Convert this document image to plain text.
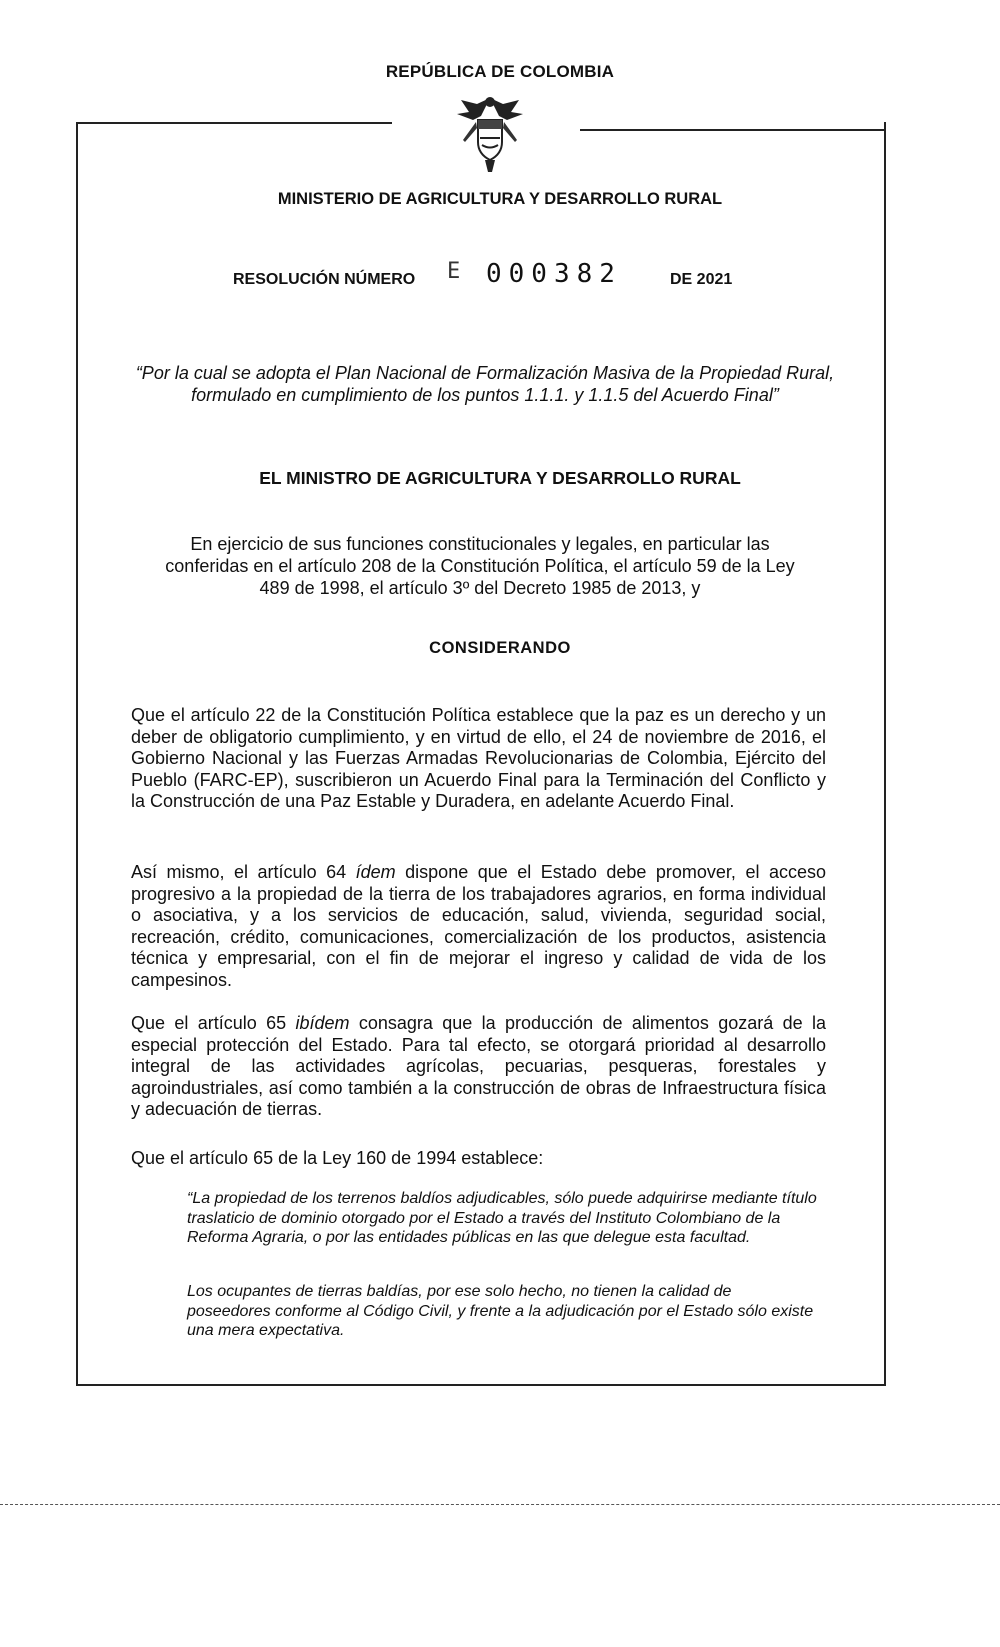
REPÚBLICA DE COLOMBIA
MINISTERIO DE AGRICULTURA Y DESARROLLO RURAL
RESOLUCIÓN NÚMERO E 000382	DE 2021
“Por la cual se adopta el Plan Nacional de Formalización Masiva de la Propiedad Rural, formulado en cumplimiento de los puntos 1.1.1. y 1.1.5 del Acuerdo Final”
EL MINISTRO DE AGRICULTURA Y DESARROLLO RURAL
En ejercicio de sus funciones constitucionales y legales, en particular las conferidas en el artículo 208 de la Constitución Política, el artículo 59 de la Ley 489 de 1998, el artículo 3º del Decreto 1985 de 2013, y
CONSIDERANDO
Que el artículo 22 de la Constitución Política establece que la paz es un derecho y un deber de obligatorio cumplimiento, y en virtud de ello, el 24 de noviembre de 2016, el Gobierno Nacional y las Fuerzas Armadas Revolucionarias de Colombia, Ejército del Pueblo (FARC-EP), suscribieron un Acuerdo Final para la Terminación del Conflicto y la Construcción de una Paz Estable y Duradera, en adelante Acuerdo Final.
Así mismo, el artículo 64 ídem dispone que el Estado debe promover, el acceso progresivo a la propiedad de la tierra de los trabajadores agrarios, en forma individual o asociativa, y a los servicios de educación, salud, vivienda, seguridad social, recreación, crédito, comunicaciones, comercialización de los productos, asistencia técnica y empresarial, con el fin de mejorar el ingreso y calidad de vida de los campesinos.
Que el artículo 65 ibídem consagra que la producción de alimentos gozará de la especial protección del Estado. Para tal efecto, se otorgará prioridad al desarrollo integral de las actividades agrícolas, pecuarias, pesqueras, forestales y agroindustriales, así como también a la construcción de obras de Infraestructura física y adecuación de tierras.
Que el artículo 65 de la Ley 160 de 1994 establece:
“La propiedad de los terrenos baldíos adjudicables, sólo puede adquirirse mediante título traslaticio de dominio otorgado por el Estado a través del Instituto Colombiano de la Reforma Agraria, o por las entidades públicas en las que delegue esta facultad.
Los ocupantes de tierras baldías, por ese solo hecho, no tienen la calidad de poseedores conforme al Código Civil, y frente a la adjudicación por el Estado sólo existe una mera expectativa.
